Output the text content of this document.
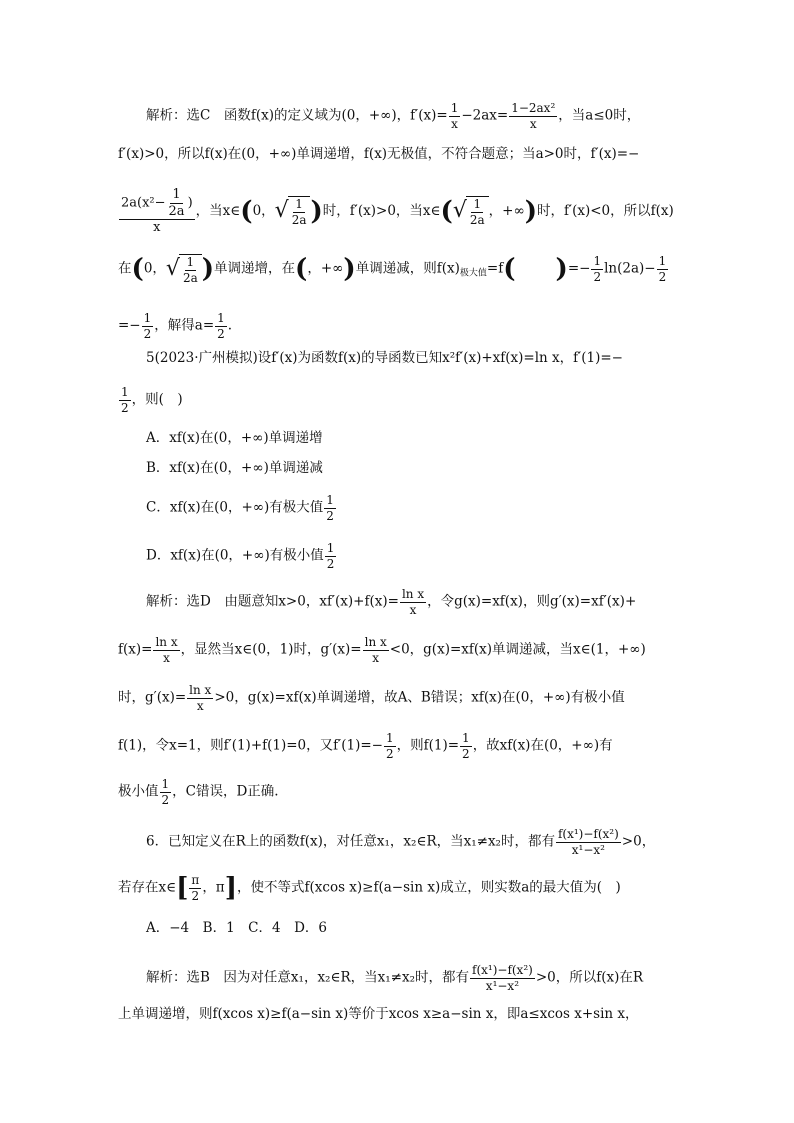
解析：选C　函数f(x)的定义域为(0，+∞)，$f'(x)= \frac{1}{x} -2ax= \frac{\text{1−2ax²}}{x}$ ，当a≤0时，
f′(x)>0，所以f(x)在(0，+∞)单调递增，f(x)无极值，不符合题意；当a>0时，f′(x)=−
$\frac{2a(x^2- \frac{1}{2a} )}{x}$ ，当x∈(0， √ $\frac{1}{2a}$ )时，f′(x)>0，当x∈( √ $\frac{1}{2a}$ ，+∞)时，f′(x)<0，所以f(x)
在(0， √ $\frac{1}{2a}$ )单调递增，在(，+∞)单调递减，则$f(x)_{极大值}=f$( )=− $\frac{1}{2} \ln(2a)- \frac{1}{2}$
=− $\frac{1}{2}$ ，解得$a= \frac{1}{2}$ .
5(2023·广州模拟)设f′(x)为函数f(x)的导函数已知x²f′(x)+xf(x)=ln x，f′(1)=−
$\frac{1}{2}$ ，则(　)
A．xf(x)在(0，+∞)单调递增
B．xf(x)在(0，+∞)单调递减
C．xf(x)在(0，+∞)有极大值 $\frac{1}{2}$
D．xf(x)在(0，+∞)有极小值 $\frac{1}{2}$
解析：选D　由题意知x>0，$xf'(x)+f(x)= \frac{\text{ln x}}{x}$ ，令g(x)=xf(x)，则g′(x)=xf′(x)+
$f(x)= \frac{\text{ln x}}{x}$ ，显然当x∈(0，1)时，$g'(x)= \frac{\text{ln x}}{x} <0$，g(x)=xf(x)单调递减，当x∈(1，+∞)
时，$g'(x)= \frac{\text{ln x}}{x} >0$，g(x)=xf(x)单调递增，故A、B错误；xf(x)在(0，+∞)有极小值
f(1)，令x=1，则f′(1)+f(1)=0，又$f'(1)=- \frac{1}{2}$ ，则$f(1)= \frac{1}{2}$ ，故xf(x)在(0，+∞)有
极小值 $\frac{1}{2}$ ，C错误，D正确.
6．已知定义在R上的函数f(x)，对任意x₁，x₂∈R，当x₁≠x₂时，都有 $\frac{\text{f(x¹)−f(x²)}}{\text{x¹−x²}} >0$，
若存在x∈[ $\frac{\pi}{2}$ ，π]，使不等式f(xcos x)≥f(a−sin x)成立，则实数a的最大值为(　)
A．−4　B．1　C．4　D．6
解析：选B　因为对任意x₁，x₂∈R，当x₁≠x₂时，都有 $\frac{\text{f(x¹)−f(x²)}}{\text{x¹−x²}} >0$，所以f(x)在R
上单调递增，则f(xcos x)≥f(a−sin x)等价于xcos x≥a−sin x，即a≤xcos x+sin x，
